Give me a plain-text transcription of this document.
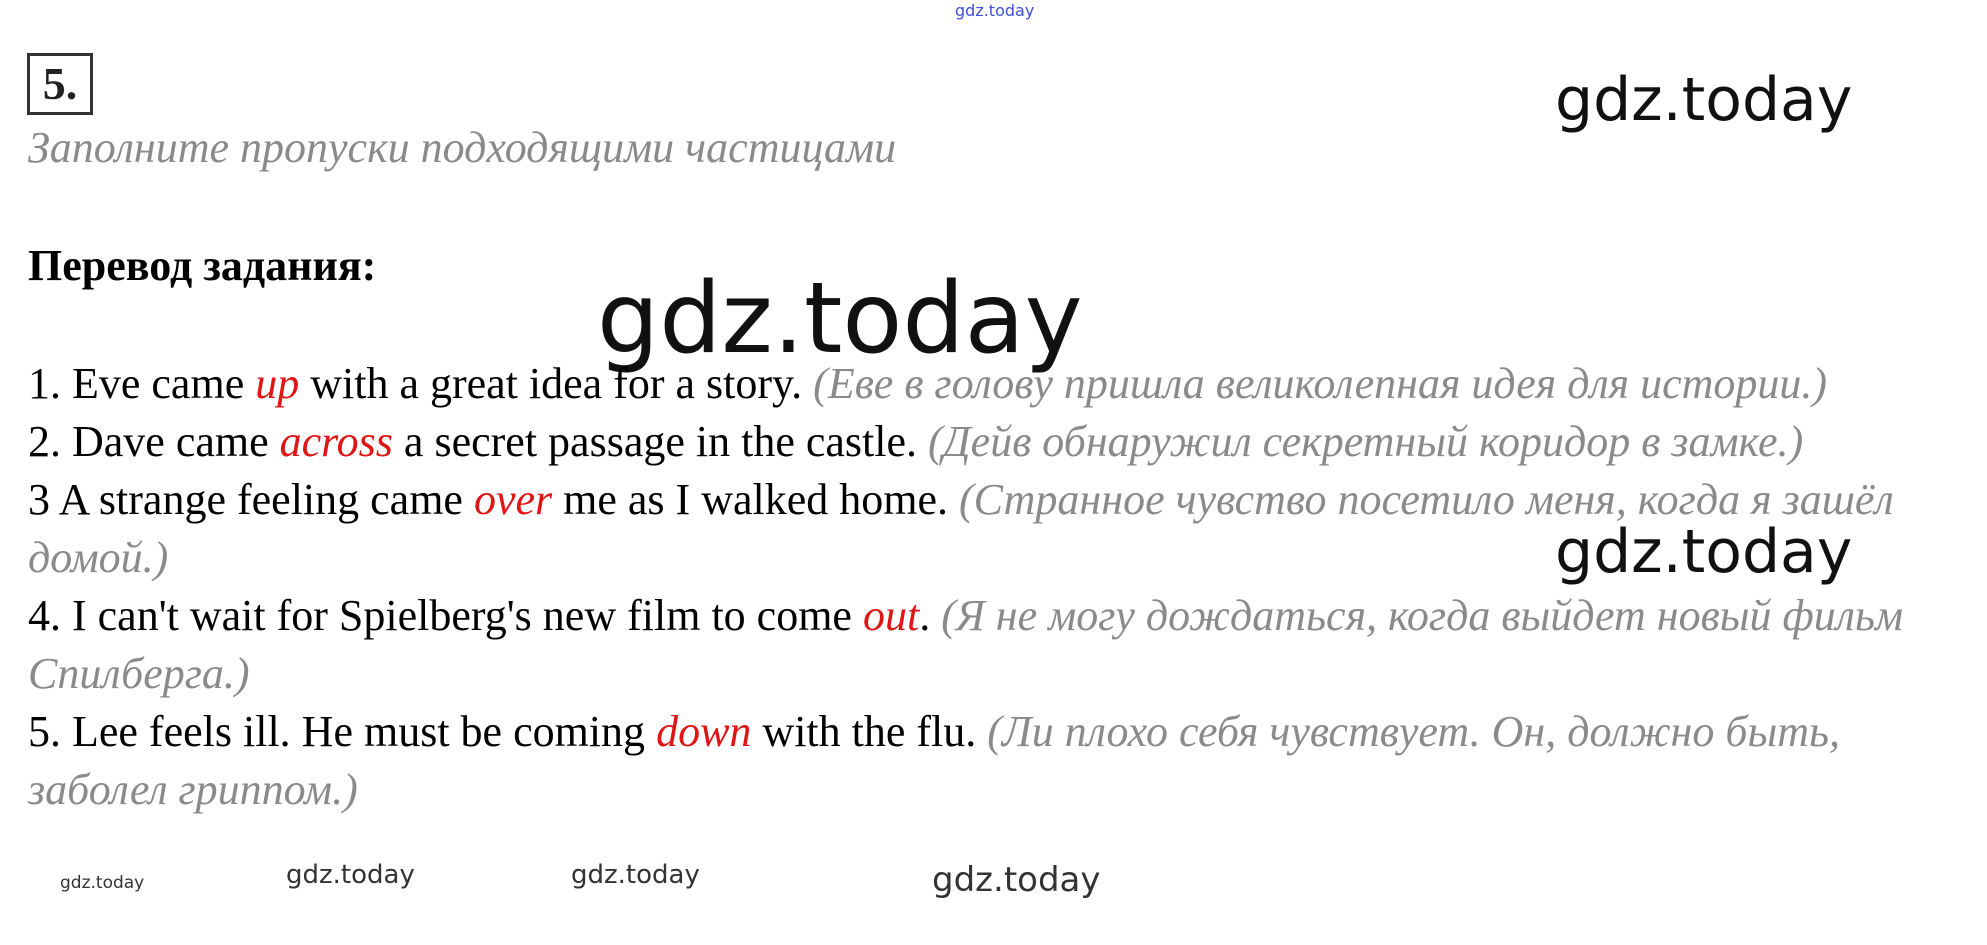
gdz.today
5.	gdz.today
Заполните пропуски подходящими частицами
Перевод задания: gdz.today

1. Eve came up with a great idea for a story. (Еве в голову пришла великолепная идея для истории.)

2. Dave came across a secret passage in the castle. (Дейв обнаружил секретный коридор в замке.)

3 A strange feeling came over me as I walked home. (Странное чувство посетило меня, когда я зашёл домой.)

4. I can't wait for Spielberg's new film to come out. (Я не могу дождаться, когда выйдет новый фильм Спилберга.)

5. Lee feels ill. He must be coming down with the flu. (Ли плохо себя чувствует. Он, должно быть, заболел гриппом.)

gdz.today
gdz.today	gdz.today	gdz.today	gdz.today
